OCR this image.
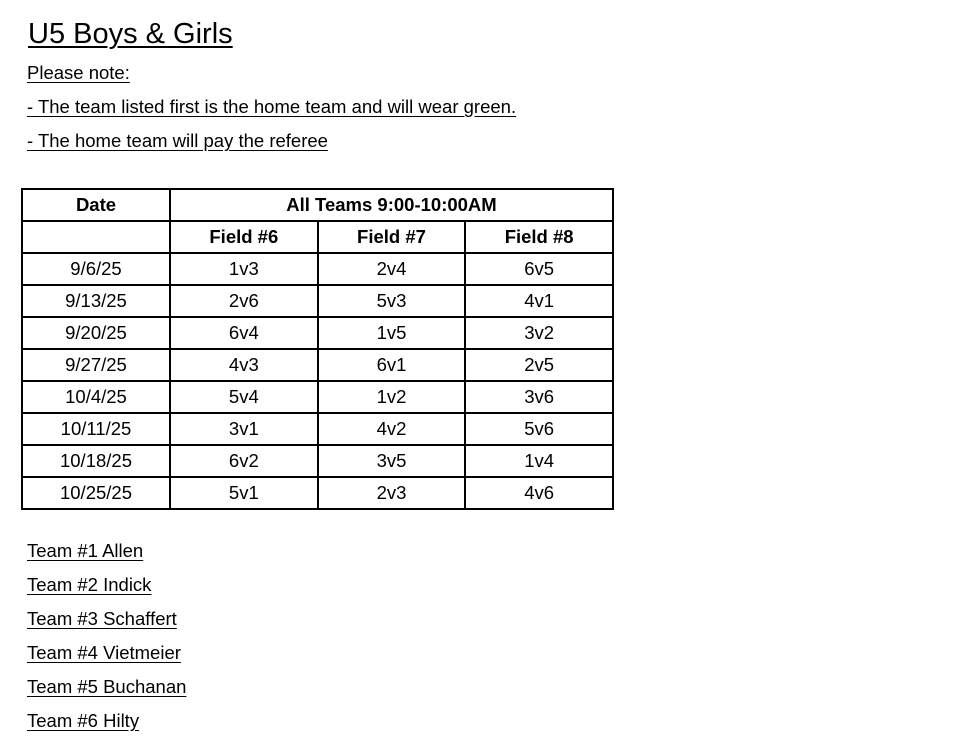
U5 Boys & Girls
Please note:
- The team listed first is the home team and will wear green.
- The home team will pay the referee
Date	All Teams 9:00-10:00AM		
	Field #6	Field #7	Field #8
9/6/25	1v3	2v4	6v5
9/13/25	2v6	5v3	4v1
9/20/25	6v4	1v5	3v2
9/27/25	4v3	6v1	2v5
10/4/25	5v4	1v2	3v6
10/11/25	3v1	4v2	5v6
10/18/25	6v2	3v5	1v4
10/25/25	5v1	2v3	4v6
Team #1 Allen
Team #2 Indick
Team #3 Schaffert
Team #4 Vietmeier
Team #5 Buchanan
Team #6 Hilty
